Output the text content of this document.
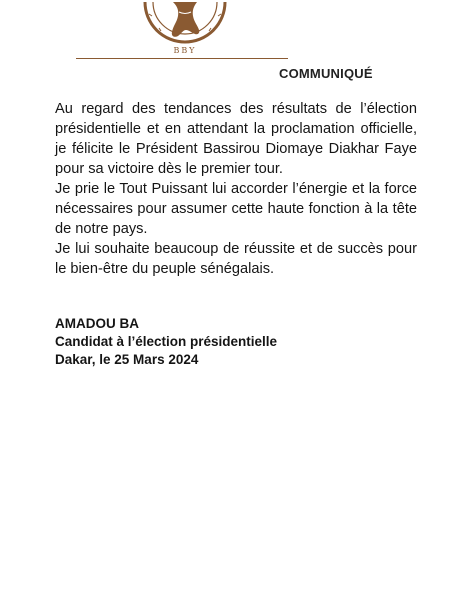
BBY
COMMUNIQUÉ

Au regard des tendances des résultats de l’élection présidentielle et en attendant la proclamation officielle, je félicite le Président Bassirou Diomaye Diakhar Faye pour sa victoire dès le premier tour.

Je prie le Tout Puissant lui accorder l’énergie et la force nécessaires pour assumer cette haute fonction à la tête de notre pays.

Je lui souhaite beaucoup de réussite et de succès pour le bien-être du peuple sénégalais.

AMADOU BA
Candidat à l’élection présidentielle
Dakar, le 25 Mars 2024
